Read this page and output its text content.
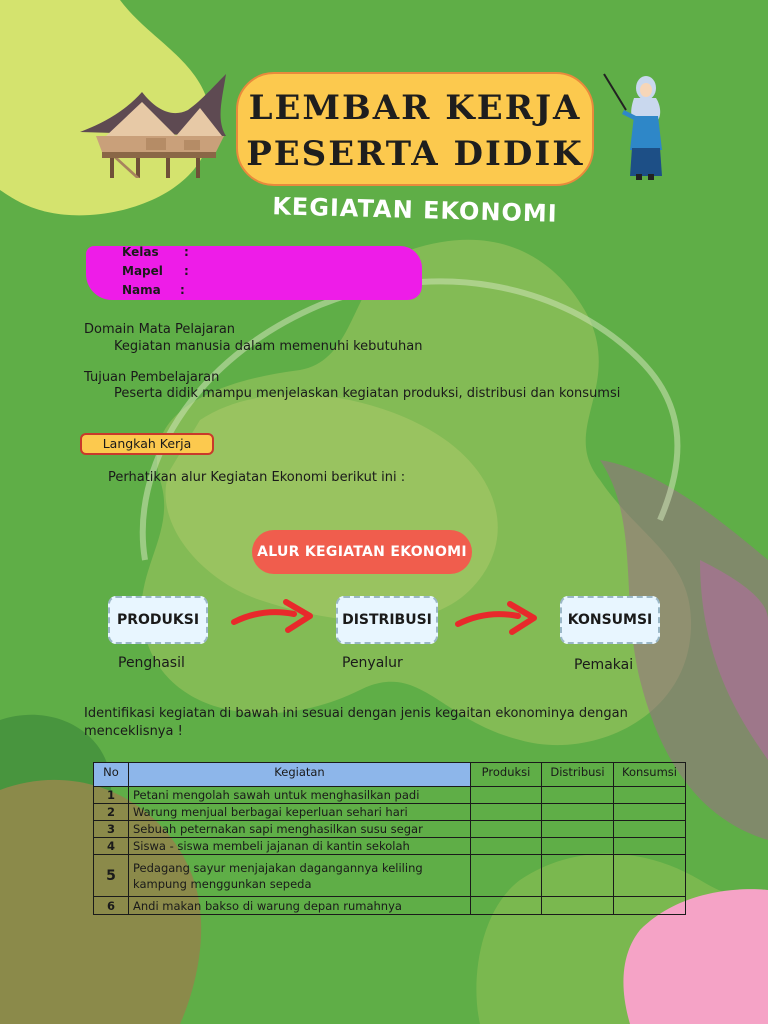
LEMBAR KERJA
PESERTA DIDIK
KEGIATAN EKONOMI
Kelas :
Mapel :
Nama :
Domain Mata Pelajaran
Kegiatan manusia dalam memenuhi kebutuhan
Tujuan Pembelajaran
Peserta didik mampu menjelaskan kegiatan produksi, distribusi dan konsumsi
Langkah Kerja
Perhatikan alur Kegiatan Ekonomi berikut ini :
ALUR KEGIATAN EKONOMI
PRODUKSI	DISTRIBUSI	KONSUMSI
Penghasil	Penyalur	Pemakai
Identifikasi kegiatan di bawah ini sesuai dengan jenis kegaitan ekonominya dengan
menceklisnya !
No	Kegiatan	Produksi	Distribusi	Konsumsi
1	Petani mengolah sawah untuk menghasilkan padi			
2	Warung menjual berbagai keperluan sehari hari			
3	Sebuah peternakan sapi menghasilkan susu segar			
4	Siswa - siswa membeli jajanan di kantin sekolah			
5	Pedagang sayur menjajakan dagangannya keliling kampung menggunkan sepeda			
6	Andi makan bakso di warung depan rumahnya			
